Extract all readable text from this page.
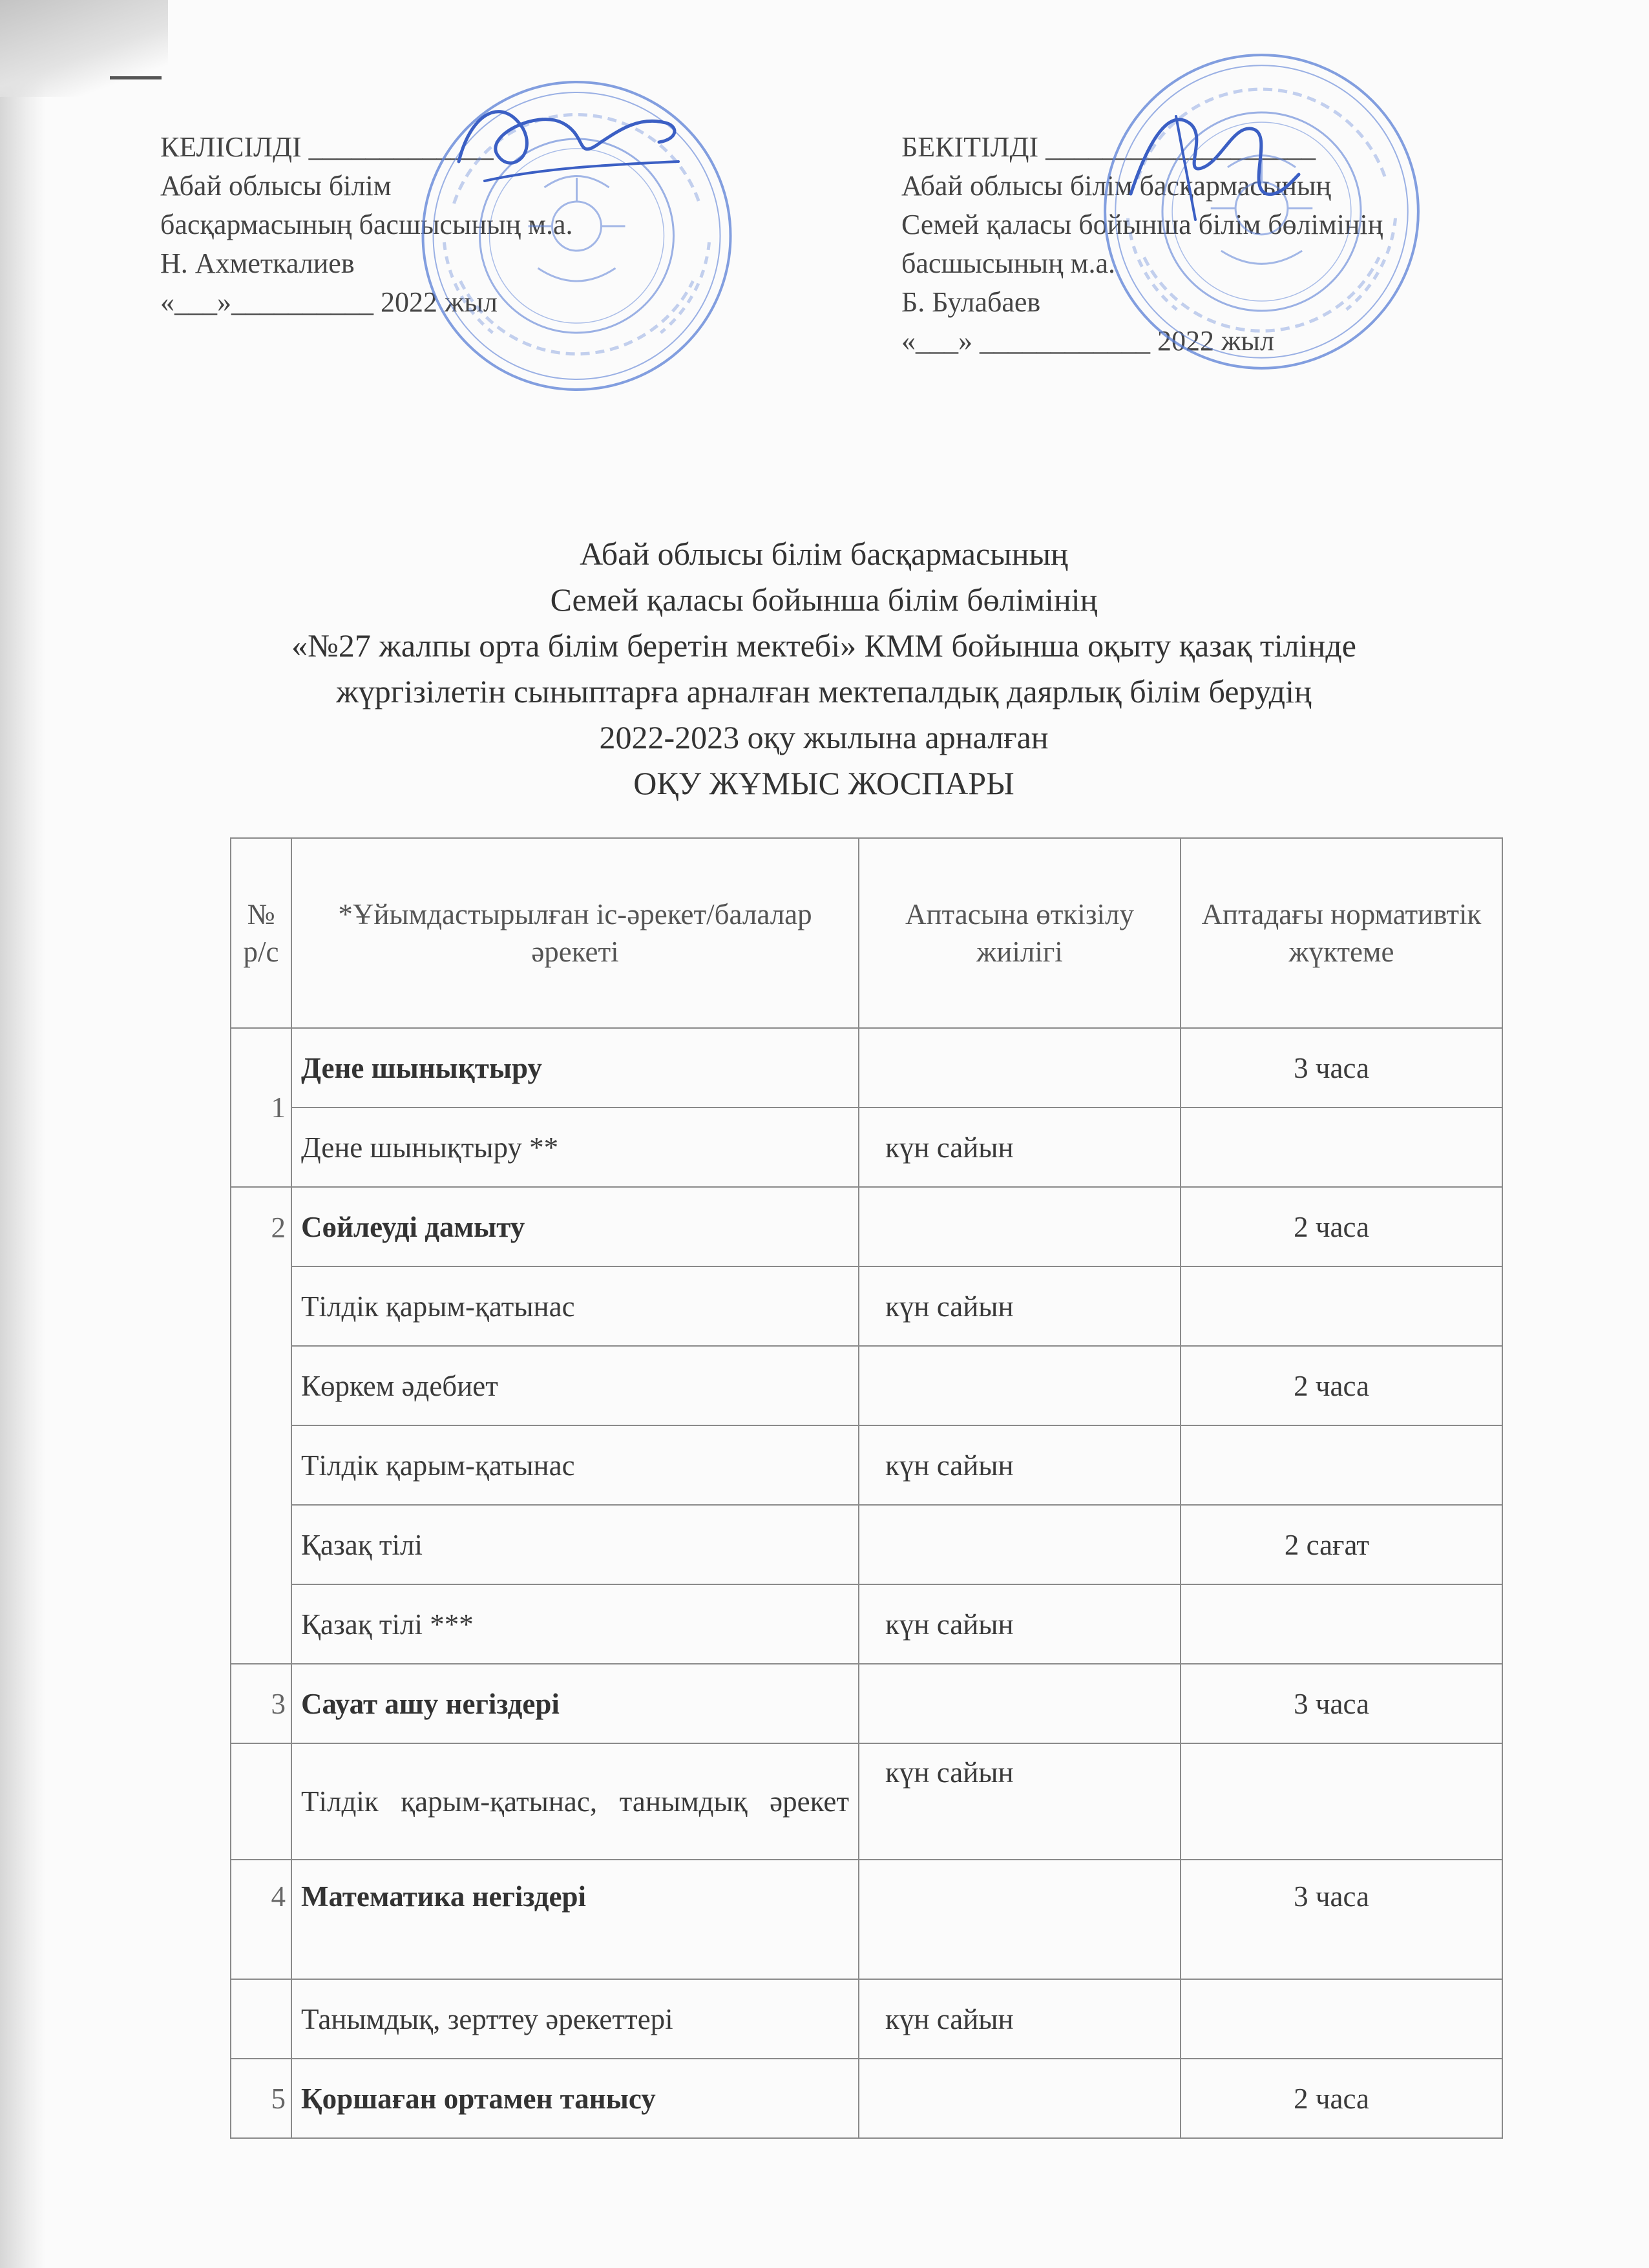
КЕЛІСІЛДІ _____________
Абай облысы білім
басқармасының басшысының м.а.
Н. Ахметкалиев
«___»__________ 2022 жыл
БЕКІТІЛДІ ___________________
Абай облысы білім басқармасының
Семей қаласы бойынша білім бөлімінің
басшысының м.а.
Б. Булабаев
«___» ____________ 2022 жыл
Абай облысы білім басқармасының
Семей қаласы бойынша білім бөлімінің
«№27 жалпы орта білім беретін мектебі» КММ бойынша оқыту қазақ тілінде
жүргізілетін сыныптарға арналған мектепалдық даярлық білім берудің
2022-2023 оқу жылына арналған
ОҚУ ЖҰМЫС ЖОСПАРЫ
№ р/с	*Ұйымдастырылған іс-әрекет/балалар әрекеті	Аптасына өткізілу жиілігі	Аптадағы нормативтік жүктеме
1	Дене шынықтыру		3 часа
	Дене шынықтыру **	күн сайын	
2	Сөйлеуді дамыту		2 часа
	Тілдік қарым-қатынас	күн сайын	
	Көркем әдебиет		2 часа
	Тілдік қарым-қатынас	күн сайын	
	Қазақ тілі		2 сағат
	Қазақ тілі ***	күн сайын	
3	Сауат ашу негіздері		3 часа
	Тілдік қарым-қатынас, танымдық әрекет	күн сайын	
4	Математика негіздері		3 часа
	Танымдық, зерттеу әрекеттері	күн сайын	
5	Қоршаған ортамен танысу		2 часа
